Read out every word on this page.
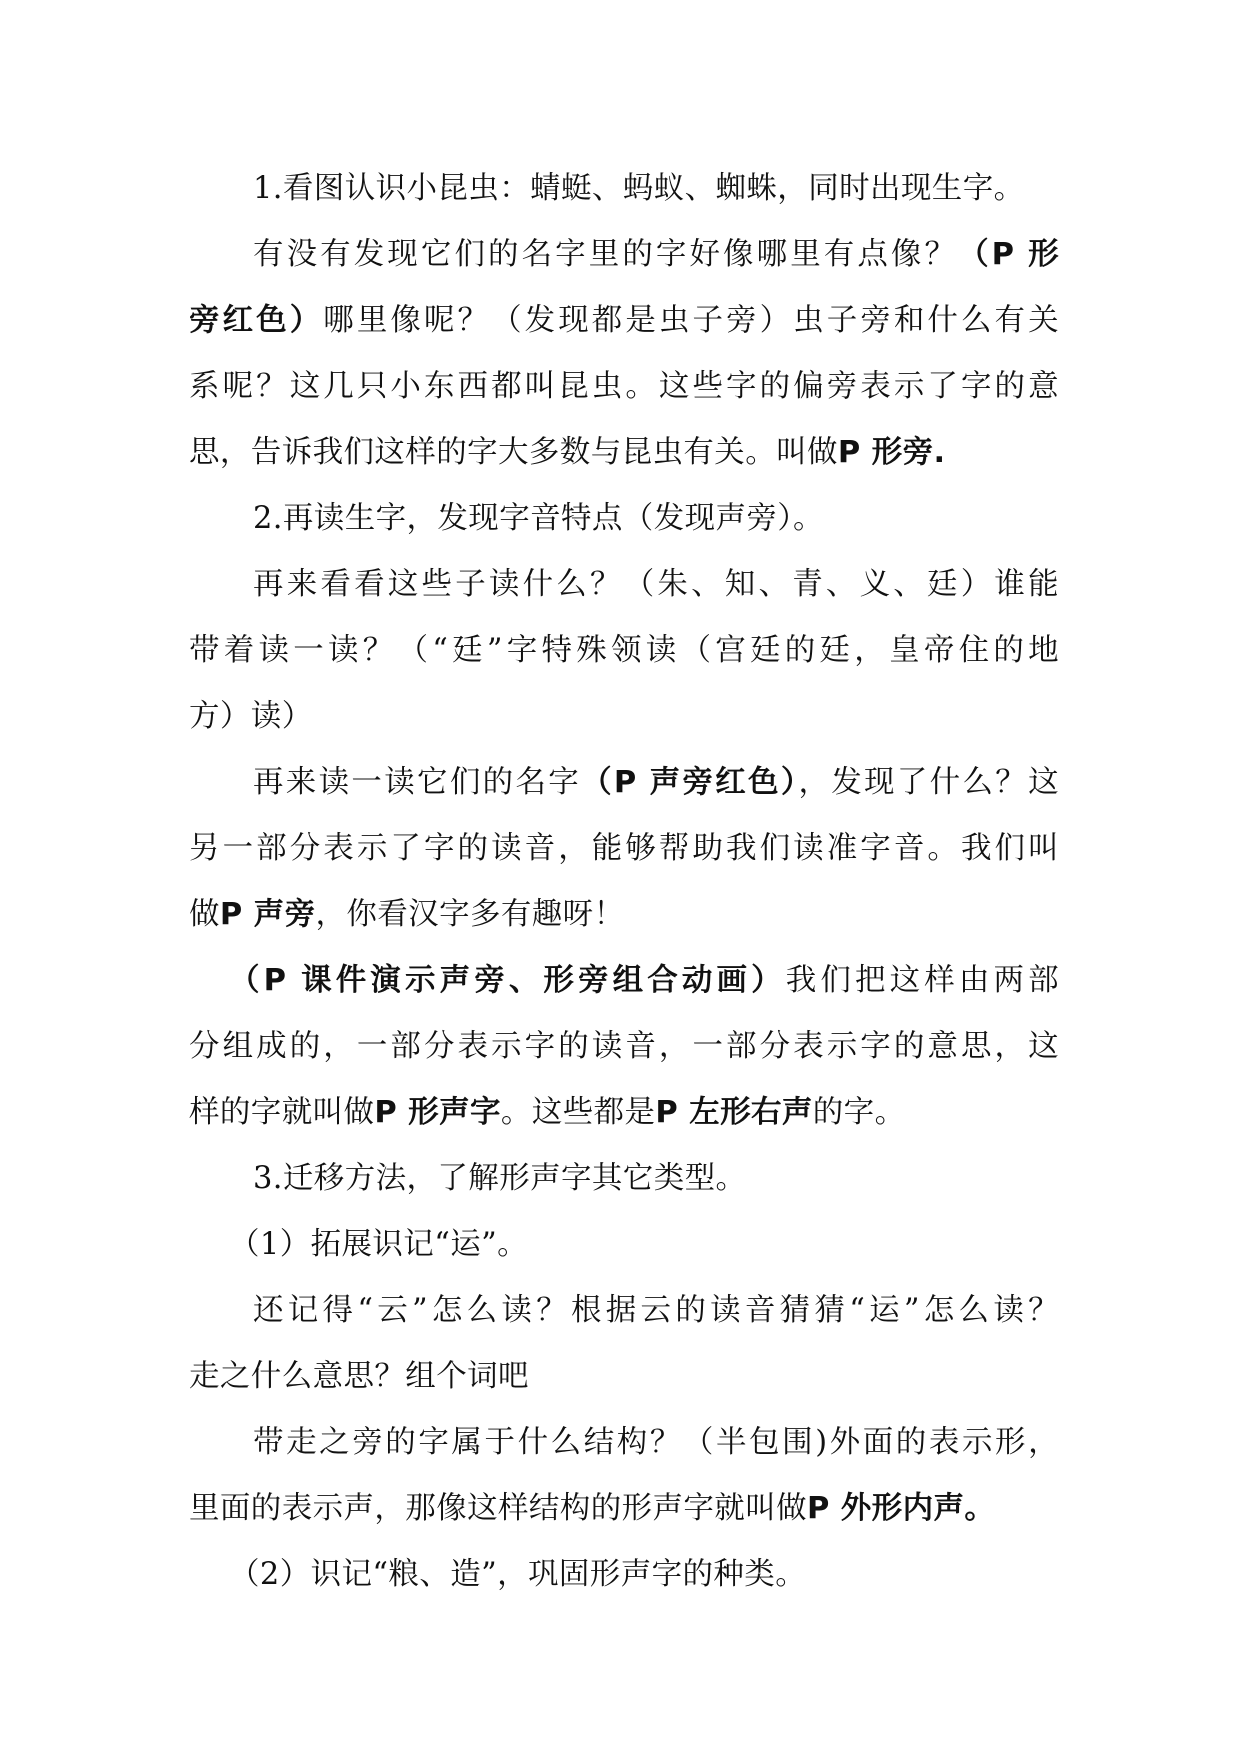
1.看图认识小昆虫：蜻蜓、蚂蚁、蜘蛛，同时出现生字。
有没有发现它们的名字里的字好像哪里有点像？（P 形
旁红色）哪里像呢？（发现都是虫子旁）虫子旁和什么有关
系呢？这几只小东西都叫昆虫。这些字的偏旁表示了字的意
思，告诉我们这样的字大多数与昆虫有关。叫做P 形旁.
2.再读生字，发现字音特点（发现声旁）。
再来看看这些子读什么？（朱、知、青、义、廷）谁能
带着读一读？（“廷”字特殊领读（宫廷的廷，皇帝住的地
方）读）
再来读一读它们的名字（P 声旁红色），发现了什么？这
另一部分表示了字的读音，能够帮助我们读准字音。我们叫
做P 声旁，你看汉字多有趣呀！
（P 课件演示声旁、形旁组合动画）我们把这样由两部
分组成的，一部分表示字的读音，一部分表示字的意思，这
样的字就叫做P 形声字。这些都是P 左形右声的字。
3.迁移方法，了解形声字其它类型。
（1）拓展识记“运”。
还记得“云”怎么读？根据云的读音猜猜“运”怎么读？
走之什么意思？组个词吧
带走之旁的字属于什么结构？（半包围)外面的表示形，
里面的表示声，那像这样结构的形声字就叫做P 外形内声。
（2）识记“粮、造”，巩固形声字的种类。
